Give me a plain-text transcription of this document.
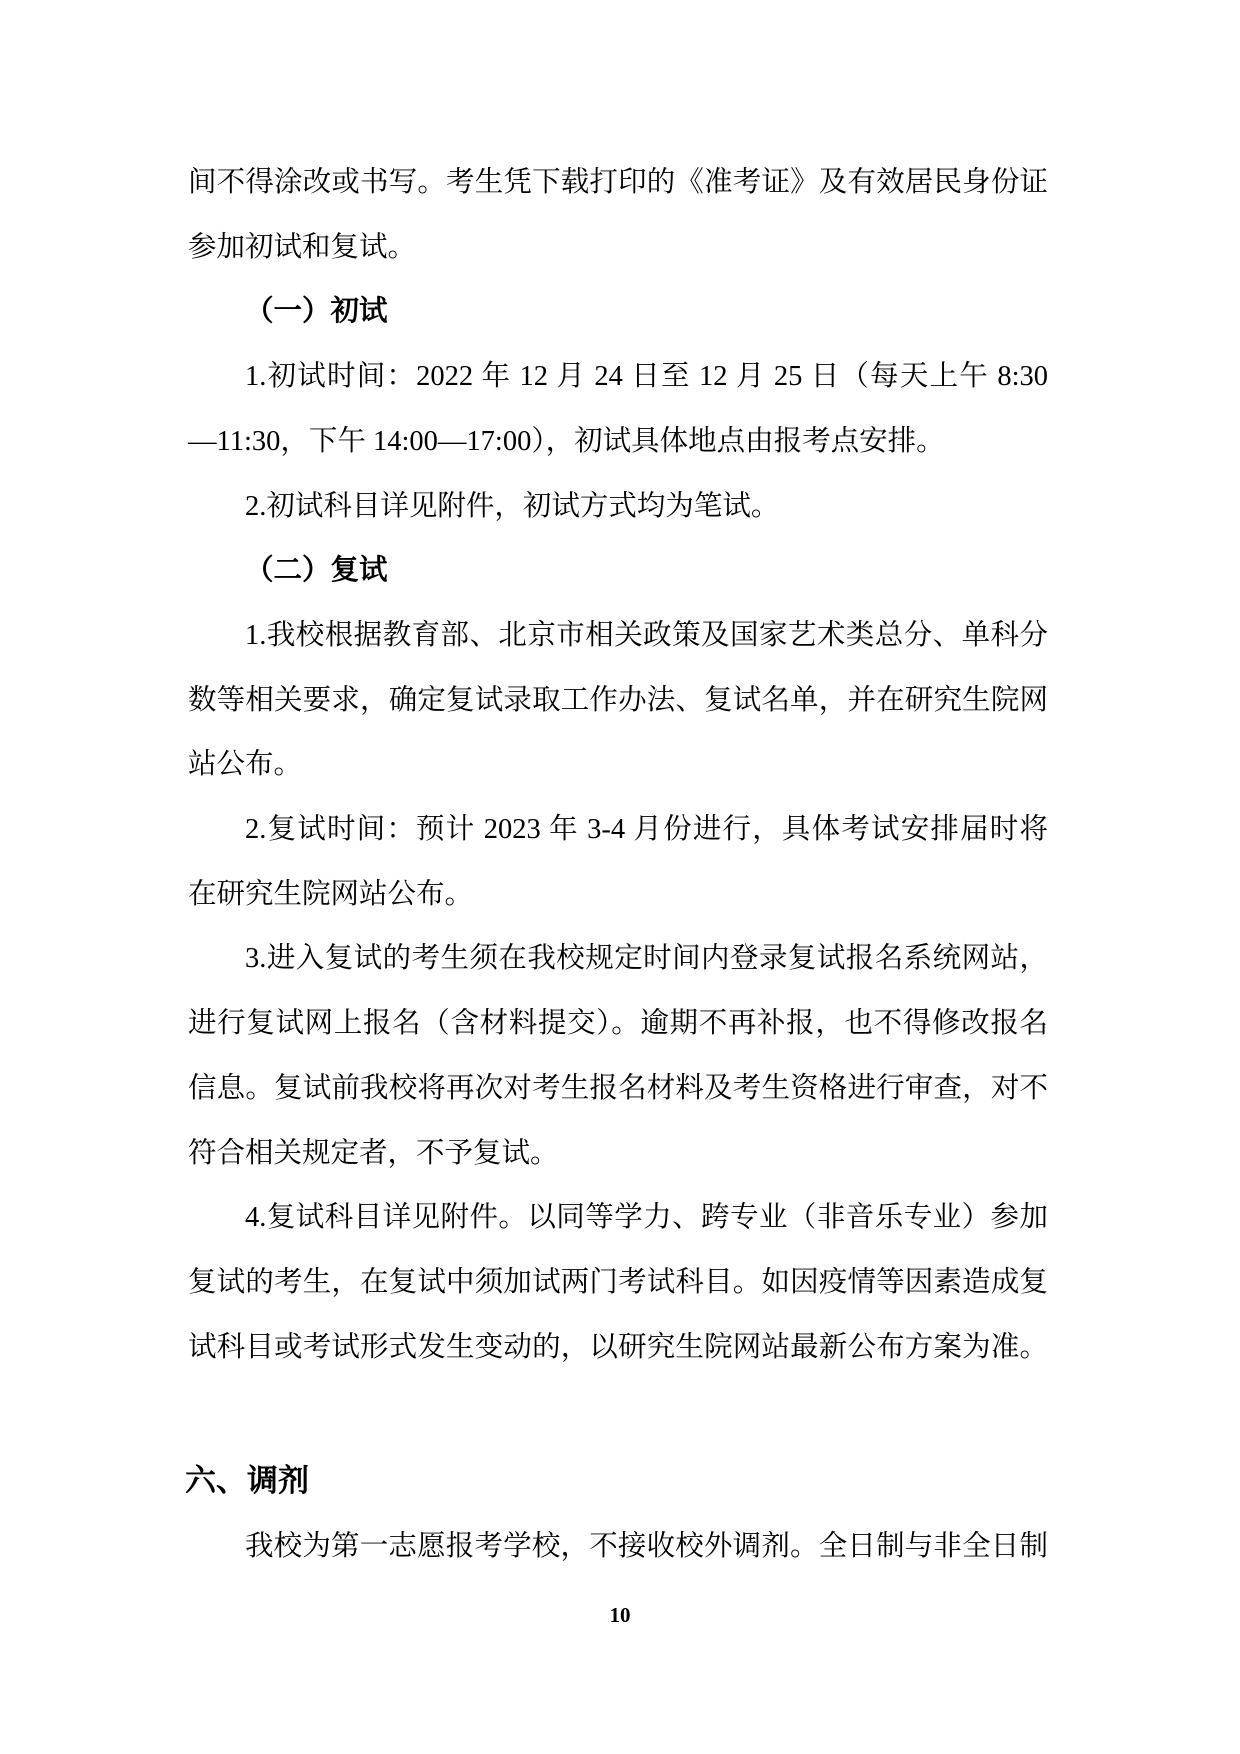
间不得涂改或书写。考生凭下载打印的《准考证》及有效居民身份证
参加初试和复试。
（一）初试
1.初试时间：2022 年 12 月 24 日至 12 月 25 日（每天上午 8:30
—11:30，下午 14:00—17:00），初试具体地点由报考点安排。
2.初试科目详见附件，初试方式均为笔试。
（二）复试
1.我校根据教育部、北京市相关政策及国家艺术类总分、单科分
数等相关要求，确定复试录取工作办法、复试名单，并在研究生院网
站公布。
2.复试时间：预计 2023 年 3-4 月份进行，具体考试安排届时将
在研究生院网站公布。
3.进入复试的考生须在我校规定时间内登录复试报名系统网站，
进行复试网上报名（含材料提交）。逾期不再补报，也不得修改报名
信息。复试前我校将再次对考生报名材料及考生资格进行审查，对不
符合相关规定者，不予复试。
4.复试科目详见附件。以同等学力、跨专业（非音乐专业）参加
复试的考生，在复试中须加试两门考试科目。如因疫情等因素造成复
试科目或考试形式发生变动的，以研究生院网站最新公布方案为准。
六、调剂
我校为第一志愿报考学校，不接收校外调剂。全日制与非全日制
10
